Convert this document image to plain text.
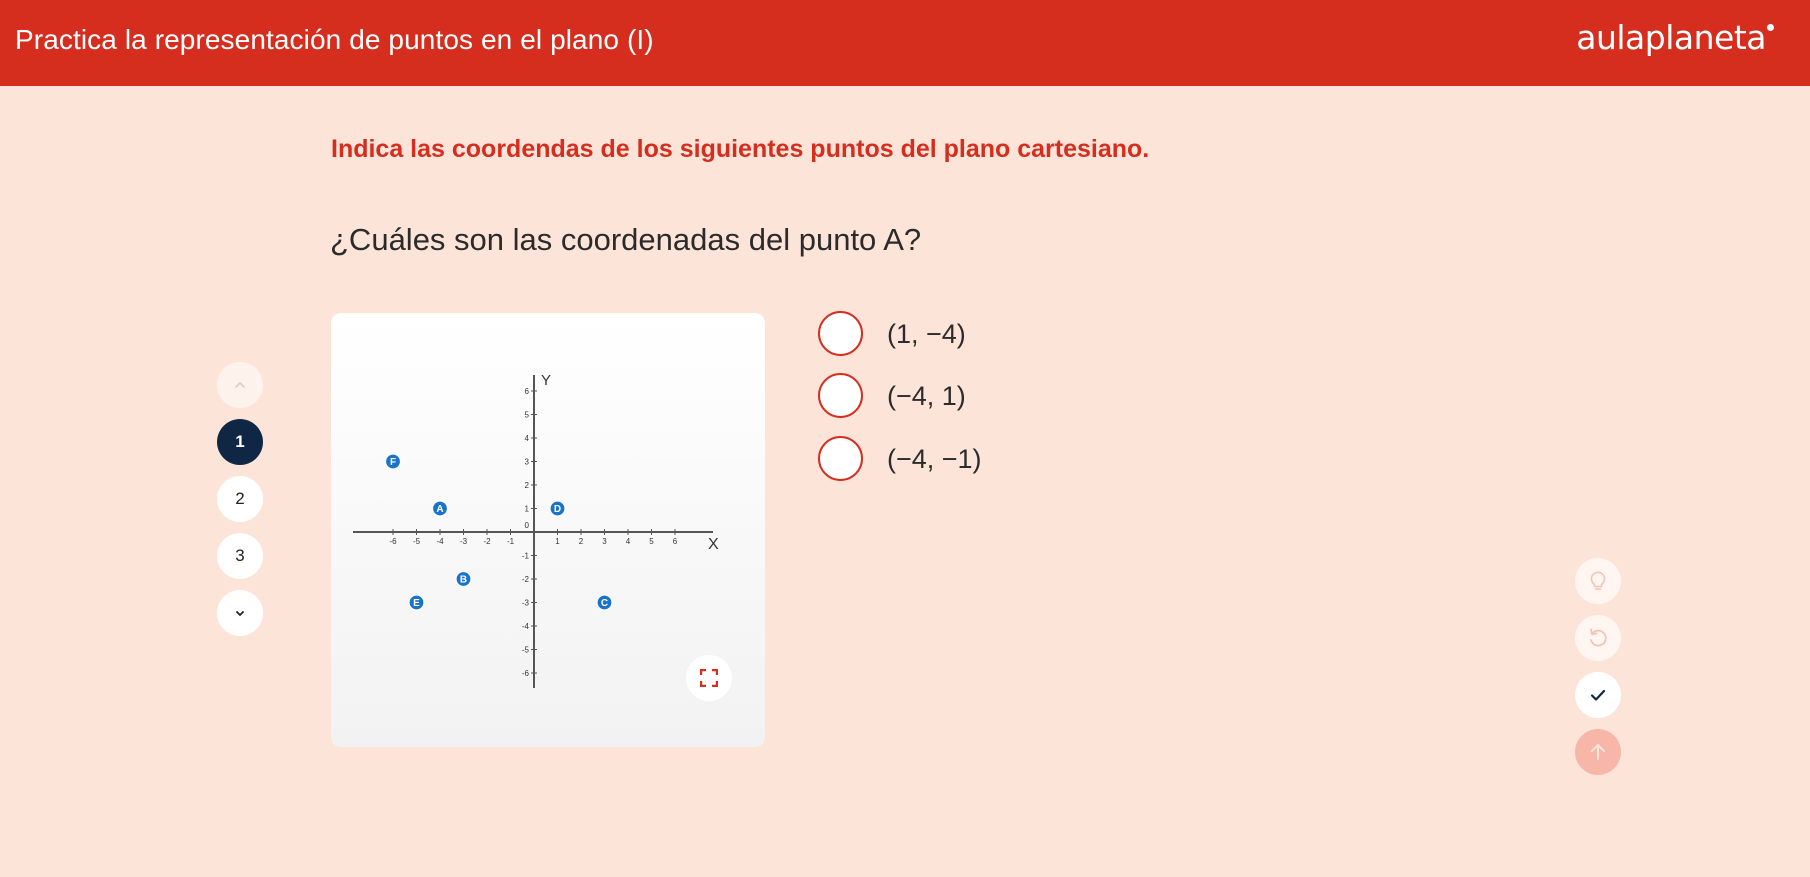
Practica la representación de puntos en el plano (I)	aulaplaneta
Indica las coordendas de los siguientes puntos del plano cartesiano.
¿Cuáles son las coordenadas del punto A?
1
2
3
X
Y
-6 -5 -4 -3 -2 -1	1 2 3 4 5 6
6
5
4
3
2
1
0
-1
-2
-3
-4
-5
-6
A
B
C
D
E
F
(1, −4)
(−4, 1)
(−4, −1)
